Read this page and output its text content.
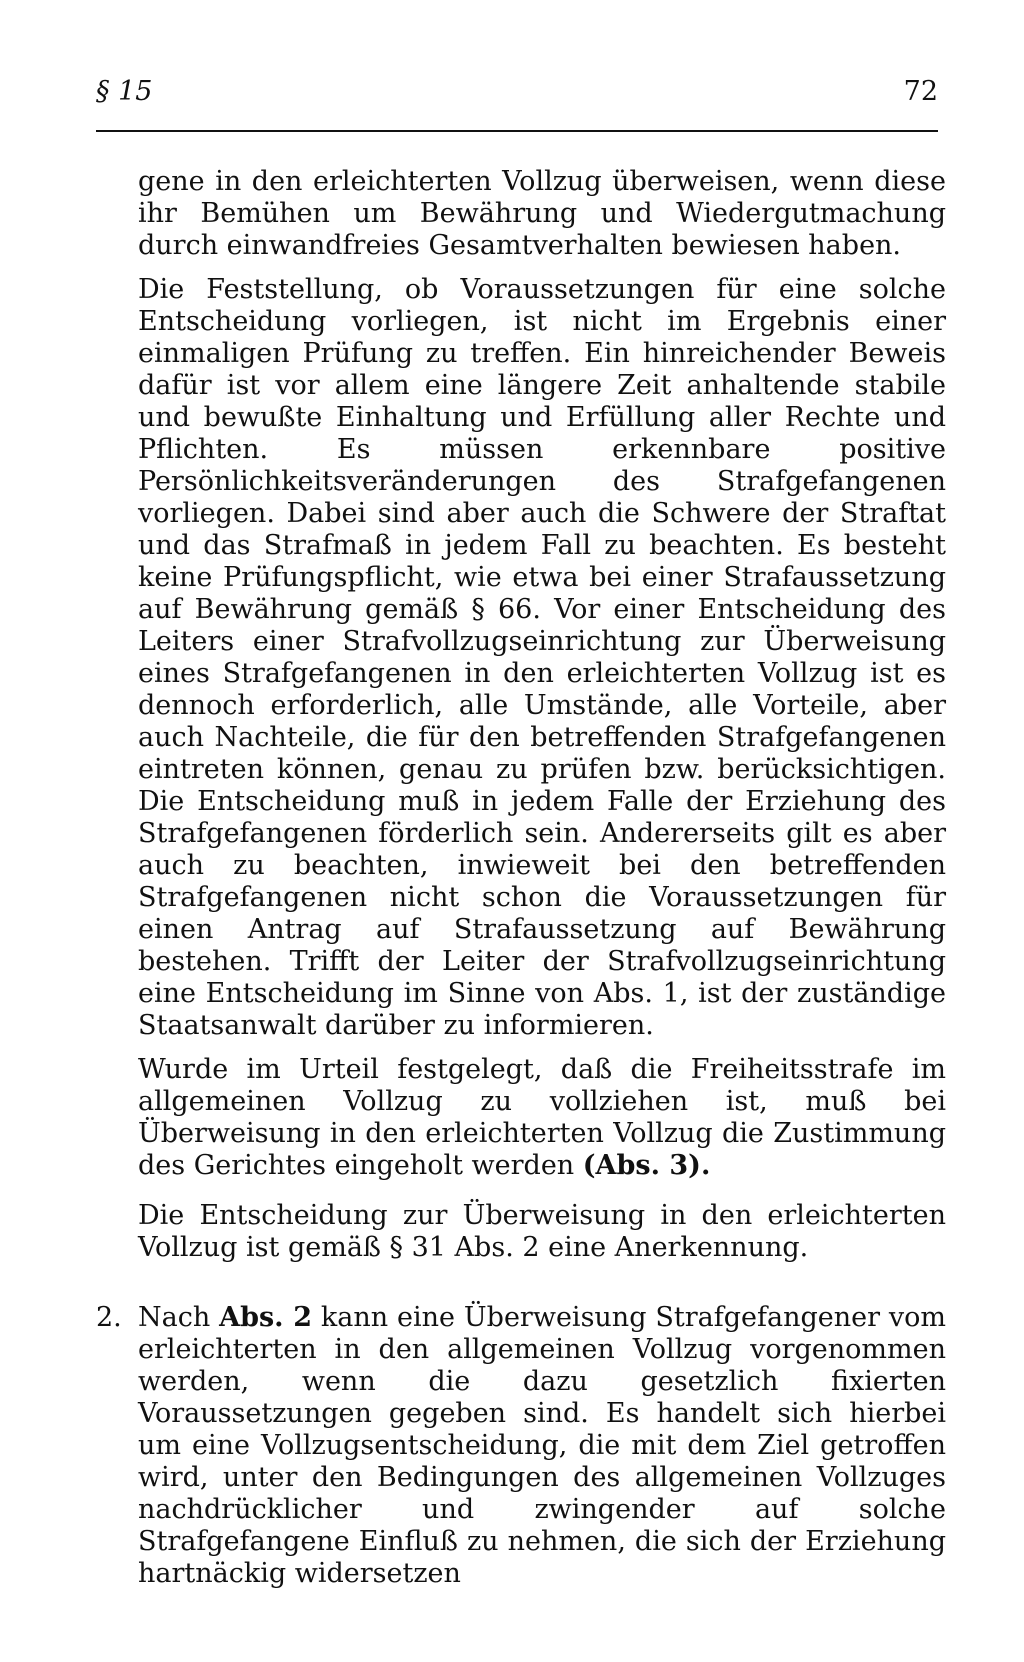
§ 15	72

gene in den erleichterten Vollzug überweisen, wenn diese ihr Bemühen um Bewährung und Wiedergutmachung durch einwandfreies Gesamtverhalten bewiesen haben.

Die Feststellung, ob Voraussetzungen für eine solche Entscheidung vorliegen, ist nicht im Ergebnis einer einmaligen Prüfung zu treffen. Ein hinreichender Beweis dafür ist vor allem eine längere Zeit anhaltende stabile und bewußte Einhaltung und Erfüllung aller Rechte und Pflichten. Es müssen erkennbare positive Persönlichkeitsveränderungen des Strafgefangenen vorliegen. Dabei sind aber auch die Schwere der Straftat und das Strafmaß in jedem Fall zu beachten. Es besteht keine Prüfungspflicht, wie etwa bei einer Strafaussetzung auf Bewährung gemäß § 66. Vor einer Entscheidung des Leiters einer Strafvollzugseinrichtung zur Überweisung eines Strafgefangenen in den erleichterten Vollzug ist es dennoch erforderlich, alle Umstände, alle Vorteile, aber auch Nachteile, die für den betreffenden Strafgefangenen eintreten können, genau zu prüfen bzw. berücksichtigen. Die Entscheidung muß in jedem Falle der Erziehung des Strafgefangenen förderlich sein. Andererseits gilt es aber auch zu beachten, inwieweit bei den betreffenden Strafgefangenen nicht schon die Voraussetzungen für einen Antrag auf Strafaussetzung auf Bewährung bestehen. Trifft der Leiter der Strafvollzugseinrichtung eine Entscheidung im Sinne von Abs. 1, ist der zuständige Staatsanwalt darüber zu informieren.

Wurde im Urteil festgelegt, daß die Freiheitsstrafe im allgemeinen Vollzug zu vollziehen ist, muß bei Überweisung in den erleichterten Vollzug die Zustimmung des Gerichtes eingeholt werden (Abs. 3).

Die Entscheidung zur Überweisung in den erleichterten Vollzug ist gemäß § 31 Abs. 2 eine Anerkennung.

2. Nach Abs. 2 kann eine Überweisung Strafgefangener vom erleichterten in den allgemeinen Vollzug vorgenommen werden, wenn die dazu gesetzlich fixierten Voraussetzungen gegeben sind. Es handelt sich hierbei um eine Vollzugsentscheidung, die mit dem Ziel getroffen wird, unter den Bedingungen des allgemeinen Vollzuges nachdrücklicher und zwingender auf solche Strafgefangene Einfluß zu nehmen, die sich der Erziehung hartnäckig widersetzen
